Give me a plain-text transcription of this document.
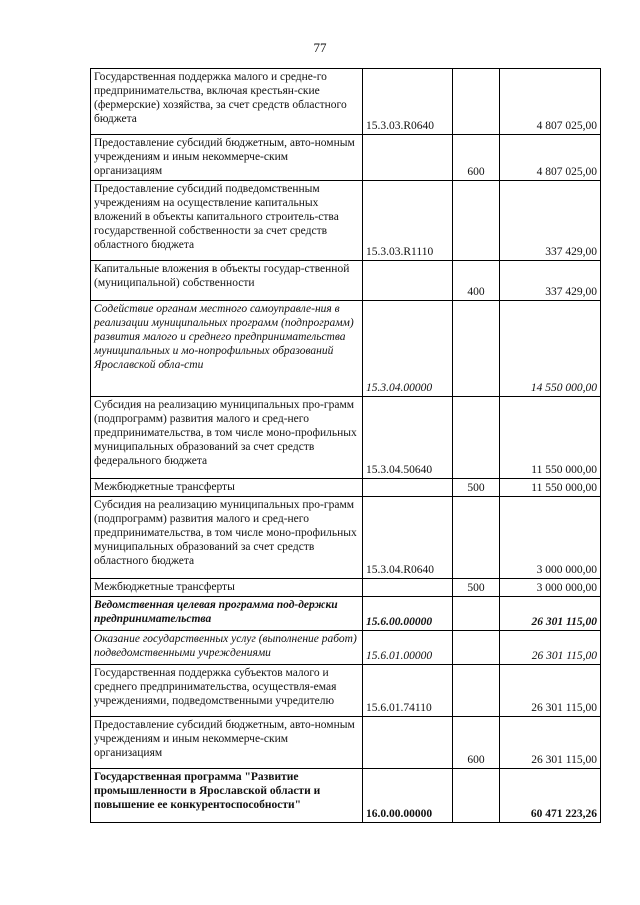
77
Государственная поддержка малого и средне-го предпринимательства, включая крестьян-ские (фермерские) хозяйства, за счет средств областного бюджета	15.3.03.R0640		4 807 025,00
Предоставление субсидий бюджетным, авто-номным учреждениям и иным некоммерче-ским организациям		600	4 807 025,00
Предоставление субсидий подведомственным учреждениям на осуществление капитальных вложений в объекты капитального строитель-ства государственной собственности за счет средств областного бюджета	15.3.03.R1110		337 429,00
Капитальные вложения в объекты государ-ственной (муниципальной) собственности		400	337 429,00
Содействие органам местного самоуправле-ния в реализации муниципальных программ (подпрограмм) развития малого и среднего предпринимательства муниципальных и мо-нопрофильных образований Ярославской обла-сти	15.3.04.00000		14 550 000,00
Субсидия на реализацию муниципальных про-грамм (подпрограмм) развития малого и сред-него предпринимательства, в том числе моно-профильных муниципальных образований за счет средств федерального бюджета	15.3.04.50640		11 550 000,00
Межбюджетные трансферты		500	11 550 000,00
Субсидия на реализацию муниципальных про-грамм (подпрограмм) развития малого и сред-него предпринимательства, в том числе моно-профильных муниципальных образований за счет средств областного бюджета	15.3.04.R0640		3 000 000,00
Межбюджетные трансферты		500	3 000 000,00
Ведомственная целевая программа под-держки предпринимательства	15.6.00.00000		26 301 115,00
Оказание государственных услуг (выполнение работ) подведомственными учреждениями	15.6.01.00000		26 301 115,00
Государственная поддержка субъектов малого и среднего предпринимательства, осуществля-емая учреждениями, подведомственными учредителю	15.6.01.74110		26 301 115,00
Предоставление субсидий бюджетным, авто-номным учреждениям и иным некоммерче-ским организациям		600	26 301 115,00
Государственная программа "Развитие промышленности в Ярославской области и повышение ее конкурентоспособности"	16.0.00.00000		60 471 223,26
